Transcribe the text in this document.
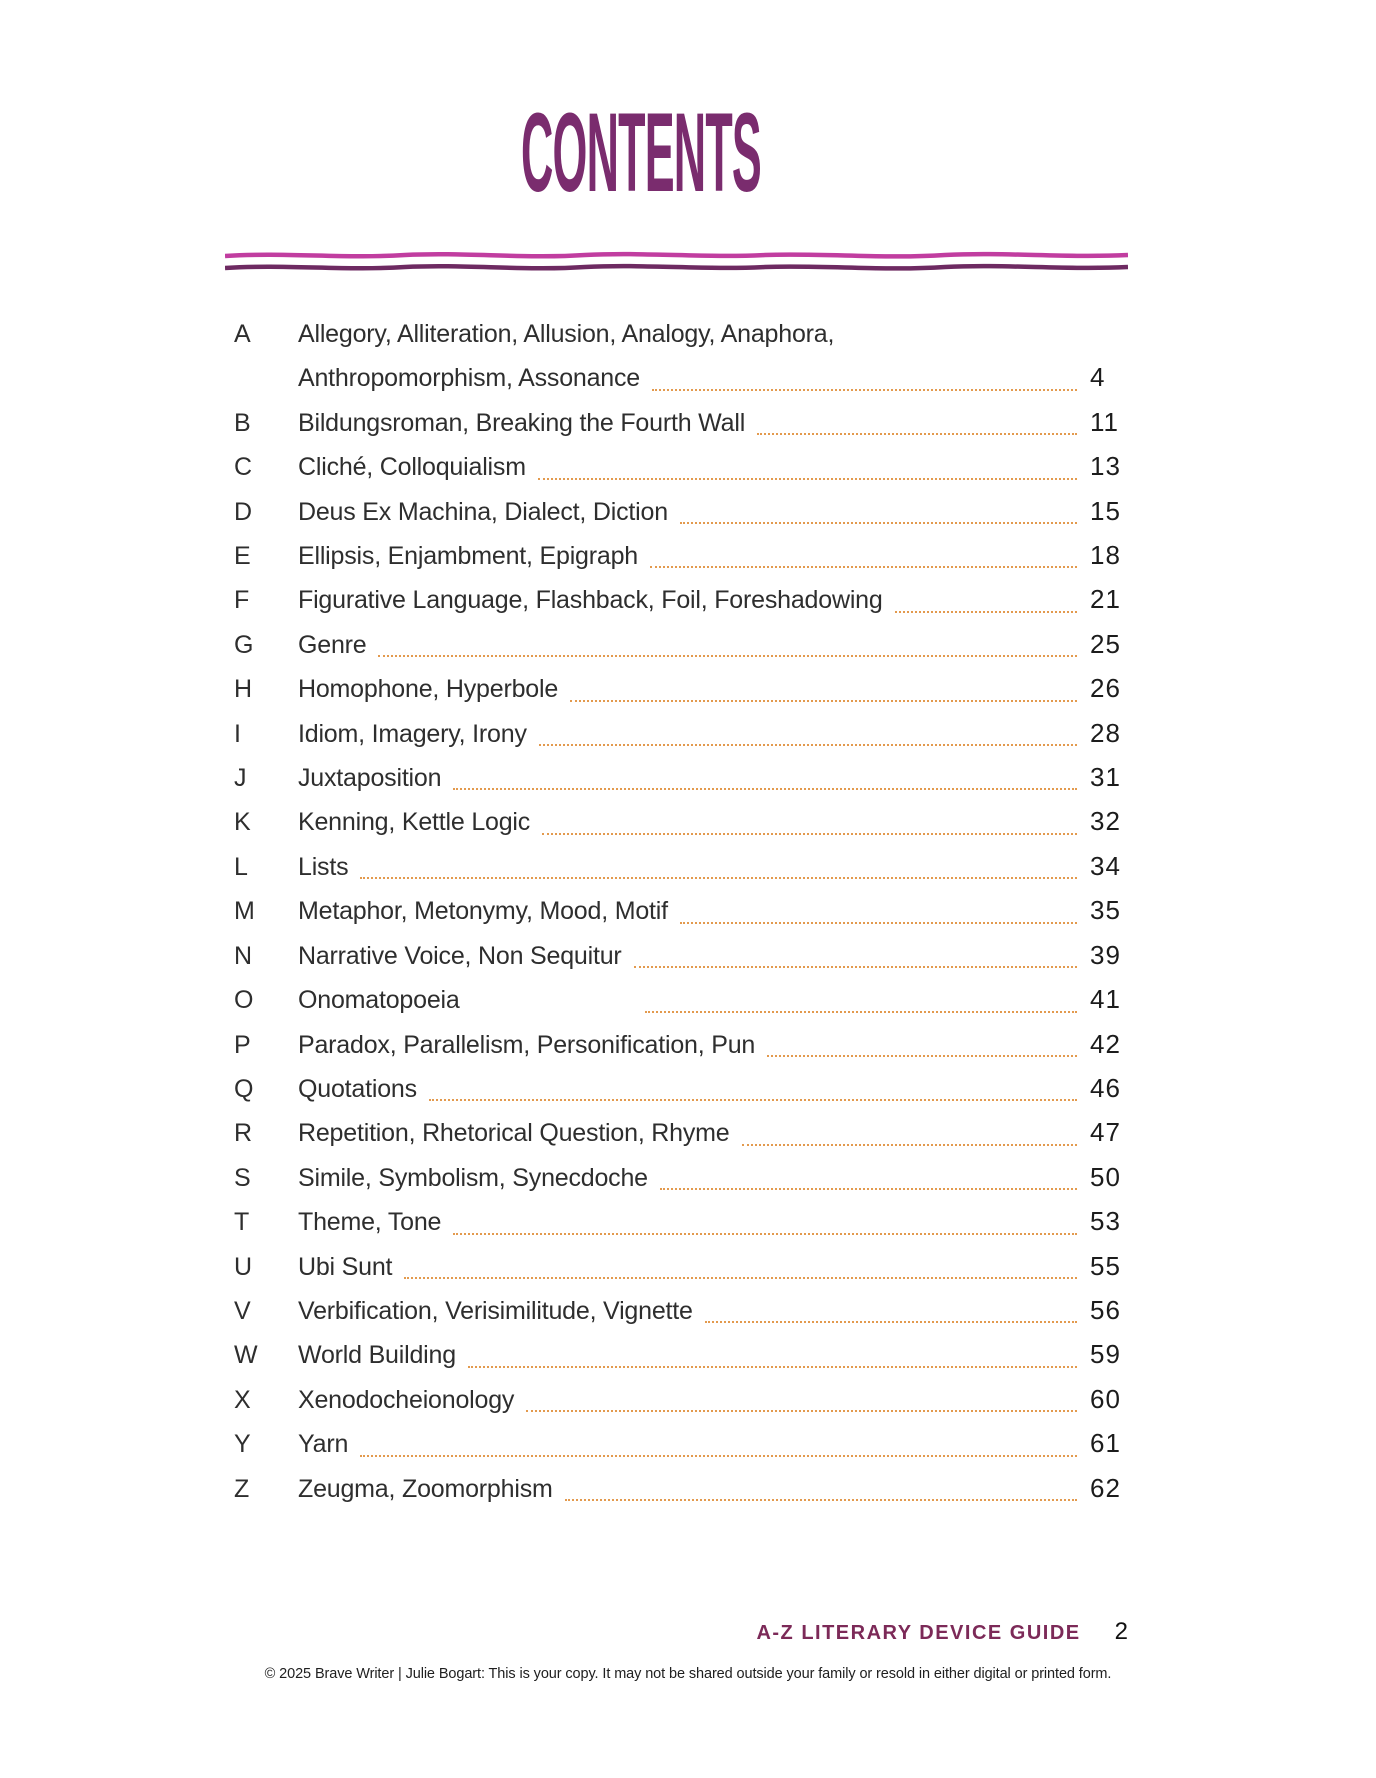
CONTENTS
A	Allegory, Alliteration, Allusion, Analogy, Anaphora,
Anthropomorphism, Assonance	4
B	Bildungsroman, Breaking the Fourth Wall	11
C	Cliché, Colloquialism	13
D	Deus Ex Machina, Dialect, Diction	15
E	Ellipsis, Enjambment, Epigraph	18
F	Figurative Language, Flashback, Foil, Foreshadowing	21
G	Genre	25
H	Homophone, Hyperbole	26
I	Idiom, Imagery, Irony	28
J	Juxtaposition	31
K	Kenning, Kettle Logic	32
L	Lists	34
M	Metaphor, Metonymy, Mood, Motif	35
N	Narrative Voice, Non Sequitur	39
O	Onomatopoeia	41
P	Paradox, Parallelism, Personification, Pun	42
Q	Quotations	46
R	Repetition, Rhetorical Question, Rhyme	47
S	Simile, Symbolism, Synecdoche	50
T	Theme, Tone	53
U	Ubi Sunt	55
V	Verbification, Verisimilitude, Vignette	56
W	World Building	59
X	Xenodocheionology	60
Y	Yarn	61
Z	Zeugma, Zoomorphism	62
A-Z LITERARY DEVICE GUIDE 2
© 2025 Brave Writer | Julie Bogart: This is your copy. It may not be shared outside your family or resold in either digital or printed form.
